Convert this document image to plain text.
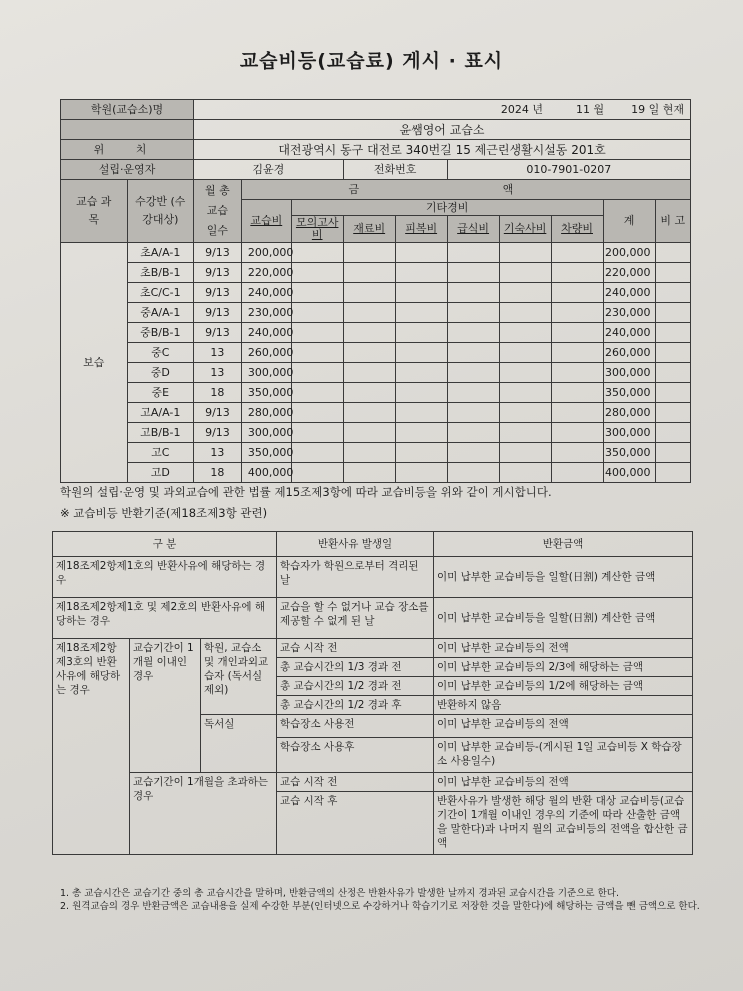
교습비등(교습료) 게시 · 표시
학원(교습소)명		2024 년 11 월 19 일 현재									
		윤쌤영어 교습소									
위 치		대전광역시 동구 대전로 340번길 15 제근린생활시설동 201호									
설립·운영자		김윤경			전화번호		010-7901-0207				
교습 과목	수강반 (수강대상)	월 총 교습 일수	금 액								
			교습비	기타경비						계	비 고
				모의고사비	재료비	피복비	급식비	기숙사비	차량비		
보습	초A/A-1	9/13	200,000							200,000	
	초B/B-1	9/13	220,000							220,000	
	초C/C-1	9/13	240,000							240,000	
	중A/A-1	9/13	230,000							230,000	
	중B/B-1	9/13	240,000							240,000	
	중C	13	260,000							260,000	
	중D	13	300,000							300,000	
	중E	18	350,000							350,000	
	고A/A-1	9/13	280,000							280,000	
	고B/B-1	9/13	300,000							300,000	
	고C	13	350,000							350,000	
	고D	18	400,000							400,000	
학원의 설립·운영 및 과외교습에 관한 법률 제15조제3항에 따라 교습비등을 위와 같이 게시합니다.
※ 교습비등 반환기준(제18조제3항 관련)
구 분			반환사유 발생일	반환금액
제18조제2항제1호의 반환사유에 해당하는 경우			학습자가 학원으로부터 격리된 날	이미 납부한 교습비등을 일할(日割) 계산한 금액
제18조제2항제1호 및 제2호의 반환사유에 해당하는 경우			교습을 할 수 없거나 교습 장소를 제공할 수 없게 된 날	이미 납부한 교습비등을 일할(日割) 계산한 금액
제18조제2항제3호의 반환사유에 해당하는 경우	교습기간이 1개월 이내인 경우	학원, 교습소 및 개인과외교습자 (독서실 제외)	교습 시작 전	이미 납부한 교습비등의 전액
			총 교습시간의 1/3 경과 전	이미 납부한 교습비등의 2/3에 해당하는 금액
			총 교습시간의 1/2 경과 전	이미 납부한 교습비등의 1/2에 해당하는 금액
			총 교습시간의 1/2 경과 후	반환하지 않음
		독서실	학습장소 사용전	이미 납부한 교습비등의 전액
			학습장소 사용후	이미 납부한 교습비등-(게시된 1일 교습비등 X 학습장소 사용일수)
	교습기간이 1개월을 초과하는 경우		교습 시작 전	이미 납부한 교습비등의 전액
			교습 시작 후	반환사유가 발생한 해당 월의 반환 대상 교습비등(교습기간이 1개월 이내인 경우의 기준에 따라 산출한 금액을 말한다)과 나머지 월의 교습비등의 전액을 합산한 금액
1. 총 교습시간은 교습기간 중의 총 교습시간을 말하며, 반환금액의 산정은 반환사유가 발생한 날까지 경과된 교습시간을 기준으로 한다.
2. 원격교습의 경우 반환금액은 교습내용을 실제 수강한 부분(인터넷으로 수강하거나 학습기기로 저장한 것을 말한다)에 해당하는 금액을 뺀 금액으로 한다.
